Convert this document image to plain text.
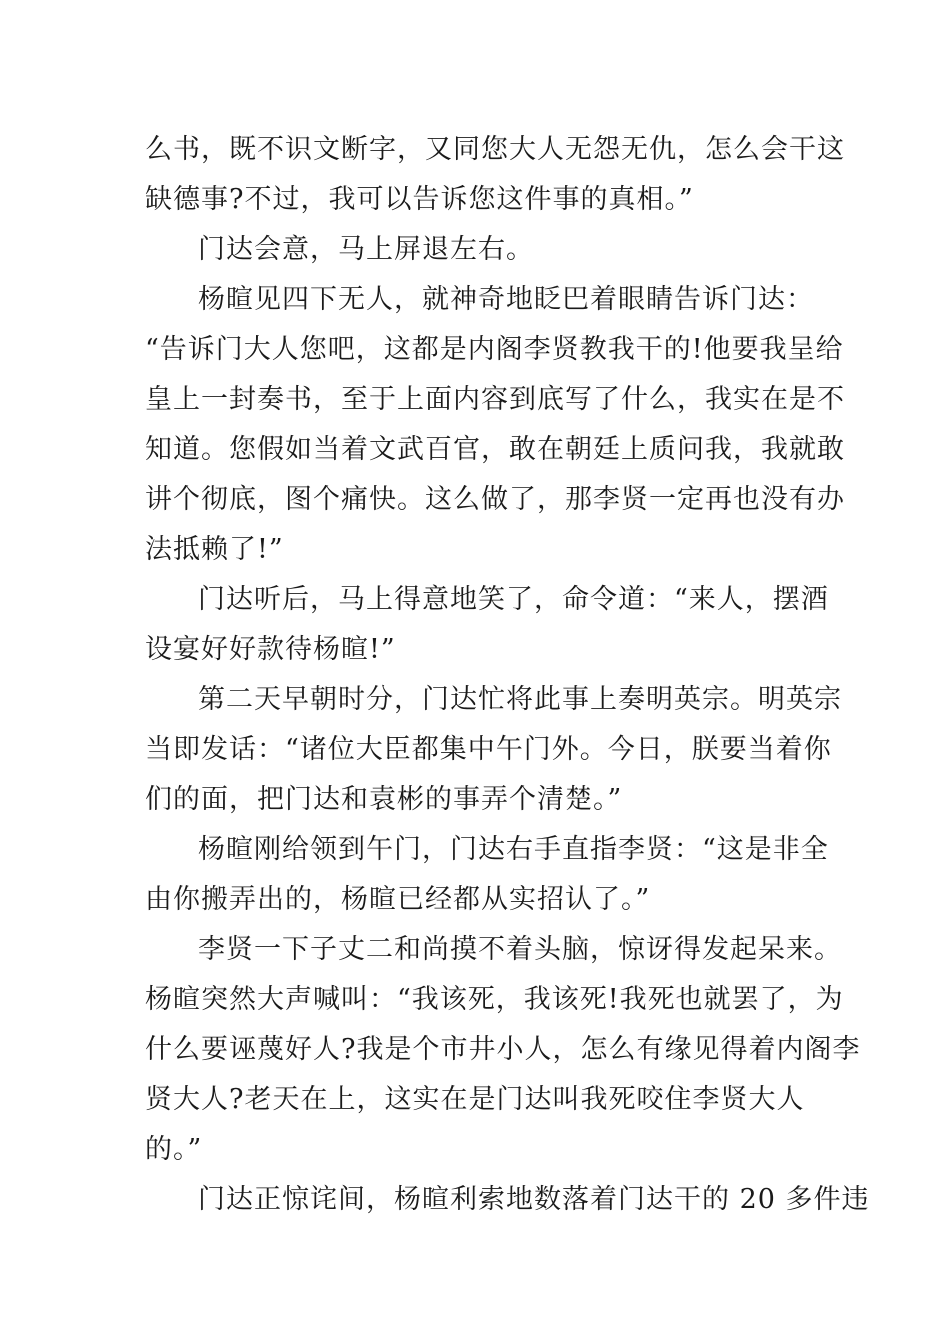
么书，既不识文断字，又同您大人无怨无仇，怎么会干这
缺德事?不过，我可以告诉您这件事的真相。”
门达会意，马上屏退左右。
杨暄见四下无人，就神奇地眨巴着眼睛告诉门达：
“告诉门大人您吧，这都是内阁李贤教我干的!他要我呈给
皇上一封奏书，至于上面内容到底写了什么，我实在是不
知道。您假如当着文武百官，敢在朝廷上质问我，我就敢
讲个彻底，图个痛快。这么做了，那李贤一定再也没有办
法抵赖了!”
门达听后，马上得意地笑了，命令道：“来人，摆酒
设宴好好款待杨暄!”
第二天早朝时分，门达忙将此事上奏明英宗。明英宗
当即发话：“诸位大臣都集中午门外。今日，朕要当着你
们的面，把门达和袁彬的事弄个清楚。”
杨暄刚给领到午门，门达右手直指李贤：“这是非全
由你搬弄出的，杨暄已经都从实招认了。”
李贤一下子丈二和尚摸不着头脑，惊讶得发起呆来。
杨暄突然大声喊叫：“我该死，我该死!我死也就罢了，为
什么要诬蔑好人?我是个市井小人，怎么有缘见得着内阁李
贤大人?老天在上，这实在是门达叫我死咬住李贤大人
的。”
门达正惊诧间，杨暄利索地数落着门达干的 20 多件违
